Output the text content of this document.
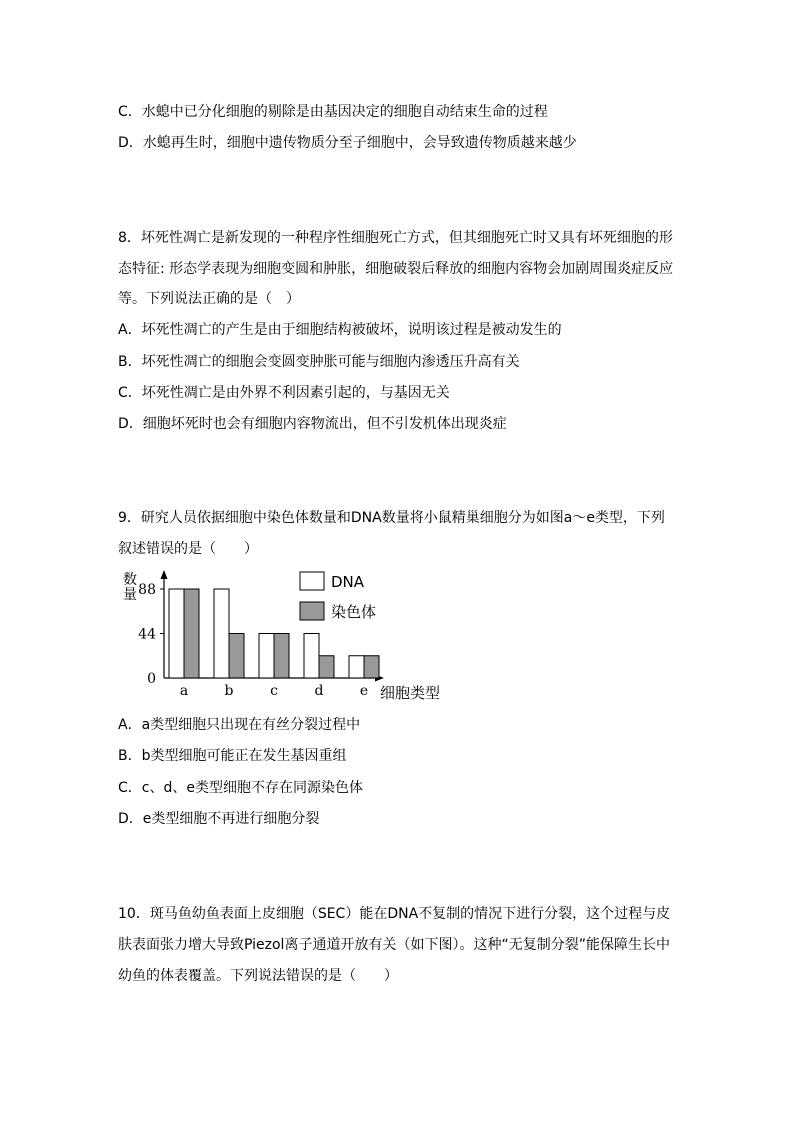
C．水螅中已分化细胞的剔除是由基因决定的细胞自动结束生命的过程
D．水螅再生时，细胞中遗传物质分至子细胞中，会导致遗传物质越来越少
8．坏死性凋亡是新发现的一种程序性细胞死亡方式，但其细胞死亡时又具有坏死细胞的形
态特征: 形态学表现为细胞变圆和肿胀，细胞破裂后释放的细胞内容物会加剧周围炎症反应
等。下列说法正确的是（　）
A．坏死性凋亡的产生是由于细胞结构被破坏，说明该过程是被动发生的
B．坏死性凋亡的细胞会变圆变肿胀可能与细胞内渗透压升高有关
C．坏死性凋亡是由外界不利因素引起的，与基因无关
D．细胞坏死时也会有细胞内容物流出，但不引发机体出现炎症
9．研究人员依据细胞中染色体数量和DNA数量将小鼠精巢细胞分为如图a～e类型，下列
叙述错误的是（　　）
0
44
88
数
量
a	b	c	d	e 细胞类型
DNA
染色体
A．a类型细胞只出现在有丝分裂过程中
B．b类型细胞可能正在发生基因重组
C．c、d、e类型细胞不存在同源染色体
D．e类型细胞不再进行细胞分裂
10．斑马鱼幼鱼表面上皮细胞（SEC）能在DNA不复制的情况下进行分裂，这个过程与皮
肤表面张力增大导致Piezol离子通道开放有关（如下图）。这种“无复制分裂”能保障生长中
幼鱼的体表覆盖。下列说法错误的是（　　）
